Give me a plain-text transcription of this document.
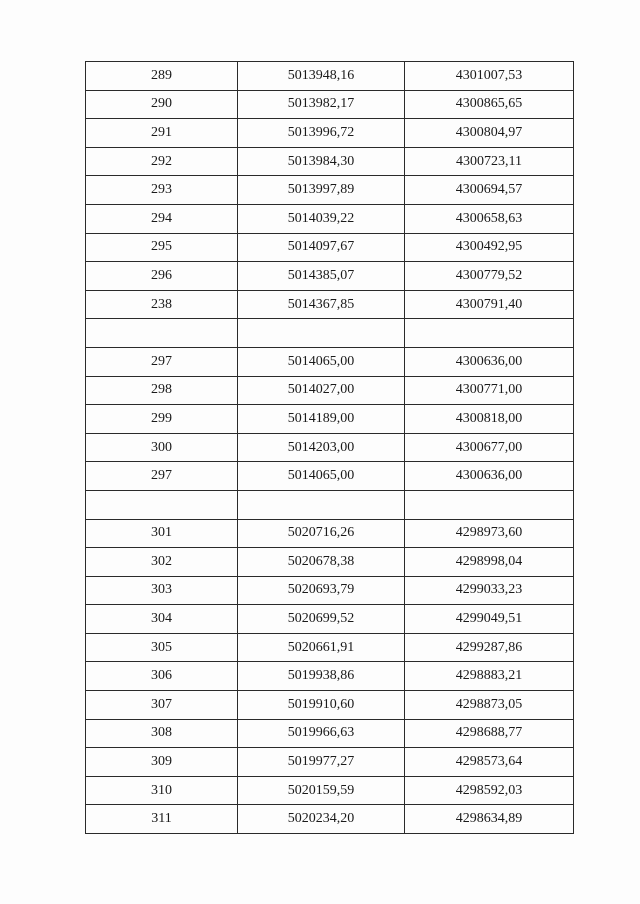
289	5013948,16	4301007,53
290	5013982,17	4300865,65
291	5013996,72	4300804,97
292	5013984,30	4300723,11
293	5013997,89	4300694,57
294	5014039,22	4300658,63
295	5014097,67	4300492,95
296	5014385,07	4300779,52
238	5014367,85	4300791,40

297	5014065,00	4300636,00
298	5014027,00	4300771,00
299	5014189,00	4300818,00
300	5014203,00	4300677,00
297	5014065,00	4300636,00

301	5020716,26	4298973,60
302	5020678,38	4298998,04
303	5020693,79	4299033,23
304	5020699,52	4299049,51
305	5020661,91	4299287,86
306	5019938,86	4298883,21
307	5019910,60	4298873,05
308	5019966,63	4298688,77
309	5019977,27	4298573,64
310	5020159,59	4298592,03
311	5020234,20	4298634,89
